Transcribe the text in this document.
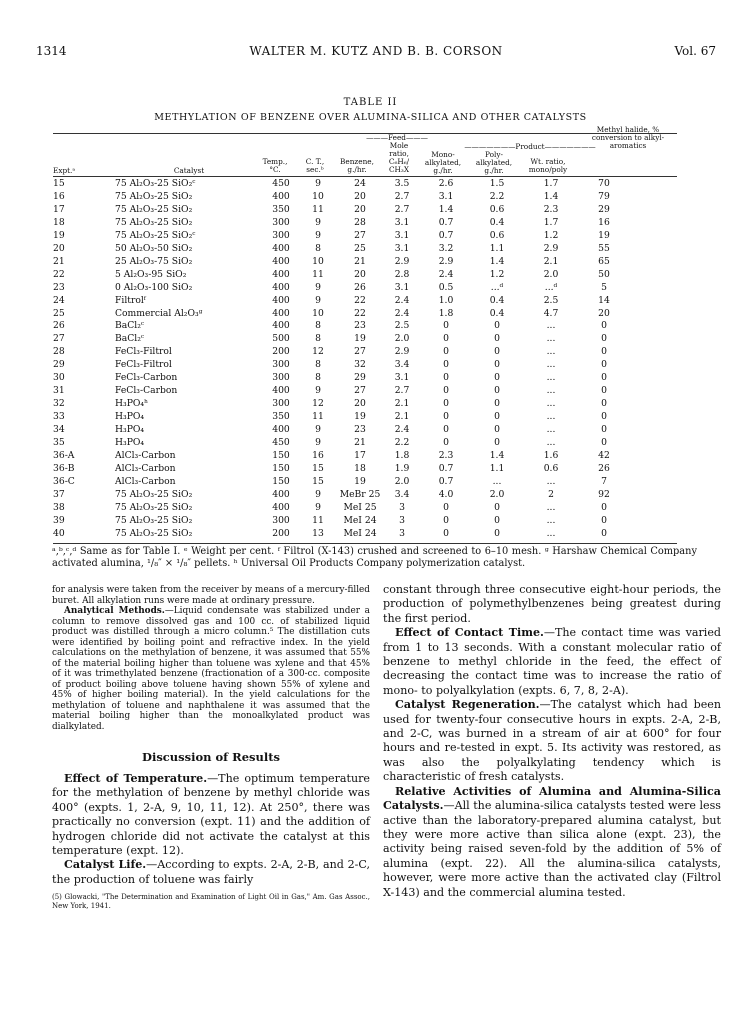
WALTER M. KUTZ AND B. B. CORSON
1314	Vol. 67
TABLE II
METHYLATION OF BENZENE OVER ALUMINA-SILICA AND OTHER CATALYSTS
———Feed———
———————Product———————
Expt.ᵃ	Catalyst
Temp., °C.
C. T., sec.ᵇ
Benzene, g./hr.
Mole ratio, C₆H₆/ CH₃X
Mono-alkylated, g./hr.
Poly-alkylated, g./hr.
Wt. ratio, mono/poly
Methyl halide, % conversion to alkyl-aromatics
15	75 Al₂O₃-25 SiO₂ᶜ	450	9	24	3.5	2.6	1.5	1.7	70
16	75 Al₂O₃-25 SiO₂	400	10	20	2.7	3.1	2.2	1.4	79
17	75 Al₂O₃-25 SiO₂	350	11	20	2.7	1.4	0.6	2.3	29
18	75 Al₂O₃-25 SiO₂	300	9	28	3.1	0.7	0.4	1.7	16
19	75 Al₂O₃-25 SiO₂ᶜ	300	9	27	3.1	0.7	0.6	1.2	19
20	50 Al₂O₃-50 SiO₂	400	8	25	3.1	3.2	1.1	2.9	55
21	25 Al₂O₃-75 SiO₂	400	10	21	2.9	2.9	1.4	2.1	65
22	5 Al₂O₃-95 SiO₂	400	11	20	2.8	2.4	1.2	2.0	50
23	0 Al₂O₃-100 SiO₂	400	9	26	3.1	0.5	...ᵈ	...ᵈ	5
24	Filtrolᶠ	400	9	22	2.4	1.0	0.4	2.5	14
25	Commercial Al₂O₃ᵍ	400	10	22	2.4	1.8	0.4	4.7	20
26	BaCl₂ᶜ	400	8	23	2.5	0	0	...	0
27	BaCl₂ᶜ	500	8	19	2.0	0	0	...	0
28	FeCl₃-Filtrol	200	12	27	2.9	0	0	...	0
29	FeCl₃-Filtrol	300	8	32	3.4	0	0	...	0
30	FeCl₃-Carbon	300	8	29	3.1	0	0	...	0
31	FeCl₃-Carbon	400	9	27	2.7	0	0	...	0
32	H₃PO₄ʰ	300	12	20	2.1	0	0	...	0
33	H₃PO₄	350	11	19	2.1	0	0	...	0
34	H₃PO₄	400	9	23	2.4	0	0	...	0
35	H₃PO₄	450	9	21	2.2	0	0	...	0
36-A	AlCl₃-Carbon	150	16	17	1.8	2.3	1.4	1.6	42
36-B	AlCl₃-Carbon	150	15	18	1.9	0.7	1.1	0.6	26
36-C	AlCl₃-Carbon	150	15	19	2.0	0.7	...	...	7
37	75 Al₂O₃-25 SiO₂	400	9	MeBr 25	3.4	4.0	2.0	2	92
38	75 Al₂O₃-25 SiO₂	400	9	MeI 25	3	0	0	...	0
39	75 Al₂O₃-25 SiO₂	300	11	MeI 24	3	0	0	...	0
40	75 Al₂O₃-25 SiO₂	200	13	MeI 24	3	0	0	...	0
ᵃ,ᵇ,ᶜ,ᵈ Same as for Table I. ᵉ Weight per cent. ᶠ Filtrol (X-143) crushed and screened to 6–10 mesh. ᵍ Harshaw Chemical Company activated alumina, ¹/₈″ × ¹/₈″ pellets. ʰ Universal Oil Products Company polymerization catalyst.

for analysis were taken from the receiver by means of a mercury-filled buret. All alkylation runs were made at ordinary pressure.

Analytical Methods.—Liquid condensate was stabilized under a column to remove dissolved gas and 100 cc. of stabilized liquid product was distilled through a micro column.⁵ The distillation cuts were identified by boiling point and refractive index. In the yield calculations on the methylation of benzene, it was assumed that 55% of the material boiling higher than toluene was xylene and that 45% of it was trimethylated benzene (fractionation of a 300-cc. composite of product boiling above toluene having shown 55% of xylene and 45% of higher boiling material). In the yield calculations for the methylation of toluene and naphthalene it was assumed that the material boiling higher than the monoalkylated product was dialkylated.

Discussion of Results

Effect of Temperature.—The optimum temperature for the methylation of benzene by methyl chloride was 400° (expts. 1, 2-A, 9, 10, 11, 12). At 250°, there was practically no conversion (expt. 11) and the addition of hydrogen chloride did not activate the catalyst at this temperature (expt. 12).

Catalyst Life.—According to expts. 2-A, 2-B, and 2-C, the production of toluene was fairly

(5) Glowacki, "The Determination and Examination of Light Oil in Gas," Am. Gas Assoc., New York, 1941.

constant through three consecutive eight-hour periods, the production of polymethylbenzenes being greatest during the first period.

Effect of Contact Time.—The contact time was varied from 1 to 13 seconds. With a constant molecular ratio of benzene to methyl chloride in the feed, the effect of decreasing the contact time was to increase the ratio of mono- to polyalkylation (expts. 6, 7, 8, 2-A).

Catalyst Regeneration.—The catalyst which had been used for twenty-four consecutive hours in expts. 2-A, 2-B, and 2-C, was burned in a stream of air at 600° for four hours and re-tested in expt. 5. Its activity was restored, as was also the polyalkylating tendency which is characteristic of fresh catalysts.

Relative Activities of Alumina and Alumina-Silica Catalysts.—All the alumina-silica catalysts tested were less active than the laboratory-prepared alumina catalyst, but they were more active than silica alone (expt. 23), the activity being raised seven-fold by the addition of 5% of alumina (expt. 22). All the alumina-silica catalysts, however, were more active than the activated clay (Filtrol X-143) and the commercial alumina tested.
